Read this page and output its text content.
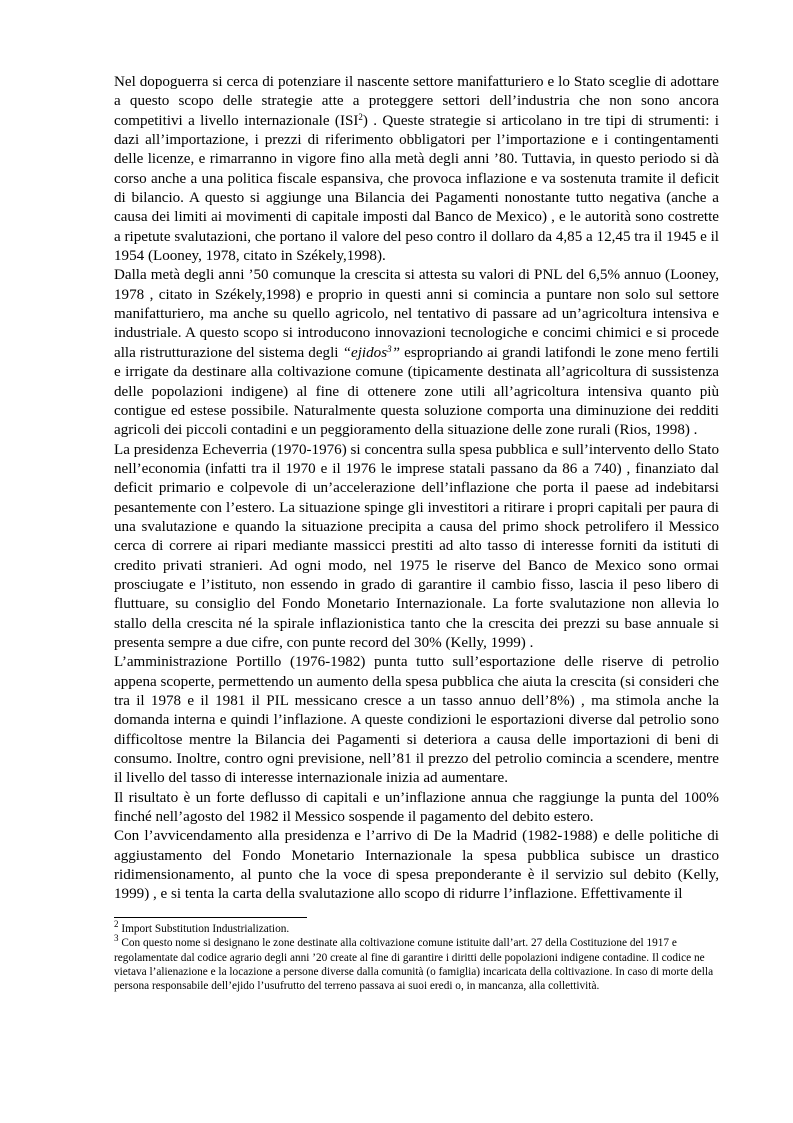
Nel dopoguerra si cerca di potenziare il nascente settore manifatturiero e lo Stato sceglie di adottare a questo scopo delle strategie atte a proteggere settori dell’industria che non sono ancora competitivi a livello internazionale (ISI$^2$) . Queste strategie si articolano in tre tipi di strumenti: i dazi all’importazione, i prezzi di riferimento obbligatori per l’importazione e i contingentamenti delle licenze, e rimarranno in vigore fino alla metà degli anni ’80. Tuttavia, in questo periodo si dà corso anche a una politica fiscale espansiva, che provoca inflazione e va sostenuta tramite il deficit di bilancio. A questo si aggiunge una Bilancia dei Pagamenti nonostante tutto negativa (anche a causa dei limiti ai movimenti di capitale imposti dal Banco de Mexico) , e le autorità sono costrette a ripetute svalutazioni, che portano il valore del peso contro il dollaro da 4,85 a 12,45 tra il 1945 e il 1954 (Looney, 1978, citato in Székely,1998).

Dalla metà degli anni ’50 comunque la crescita si attesta su valori di PNL del 6,5% annuo (Looney, 1978 , citato in Székely,1998) e proprio in questi anni si comincia a puntare non solo sul settore manifatturiero, ma anche su quello agricolo, nel tentativo di passare ad un’agricoltura intensiva e industriale. A questo scopo si introducono innovazioni tecnologiche e concimi chimici e si procede alla ristrutturazione del sistema degli “ejidos$^3$” espropriando ai grandi latifondi le zone meno fertili e irrigate da destinare alla coltivazione comune (tipicamente destinata all’agricoltura di sussistenza delle popolazioni indigene) al fine di ottenere zone utili all’agricoltura intensiva quanto più contigue ed estese possibile. Naturalmente questa soluzione comporta una diminuzione dei redditi agricoli dei piccoli contadini e un peggioramento della situazione delle zone rurali (Rios, 1998) .

La presidenza Echeverria (1970-1976) si concentra sulla spesa pubblica e sull’intervento dello Stato nell’economia (infatti tra il 1970 e il 1976 le imprese statali passano da 86 a 740) , finanziato dal deficit primario e colpevole di un’accelerazione dell’inflazione che porta il paese ad indebitarsi pesantemente con l’estero. La situazione spinge gli investitori a ritirare i propri capitali per paura di una svalutazione e quando la situazione precipita a causa del primo shock petrolifero il Messico cerca di correre ai ripari mediante massicci prestiti ad alto tasso di interesse forniti da istituti di credito privati stranieri. Ad ogni modo, nel 1975 le riserve del Banco de Mexico sono ormai prosciugate e l’istituto, non essendo in grado di garantire il cambio fisso, lascia il peso libero di fluttuare, su consiglio del Fondo Monetario Internazionale. La forte svalutazione non allevia lo stallo della crescita né la spirale inflazionistica tanto che la crescita dei prezzi su base annuale si presenta sempre a due cifre, con punte record del 30% (Kelly, 1999) .

L’amministrazione Portillo (1976-1982) punta tutto sull’esportazione delle riserve di petrolio appena scoperte, permettendo un aumento della spesa pubblica che aiuta la crescita (si consideri che tra il 1978 e il 1981 il PIL messicano cresce a un tasso annuo dell’8%) , ma stimola anche la domanda interna e quindi l’inflazione. A queste condizioni le esportazioni diverse dal petrolio sono difficoltose mentre la Bilancia dei Pagamenti si deteriora a causa delle importazioni di beni di consumo. Inoltre, contro ogni previsione, nell’81 il prezzo del petrolio comincia a scendere, mentre il livello del tasso di interesse internazionale inizia ad aumentare.

Il risultato è un forte deflusso di capitali e un’inflazione annua che raggiunge la punta del 100% finché nell’agosto del 1982 il Messico sospende il pagamento del debito estero.

Con l’avvicendamento alla presidenza e l’arrivo di De la Madrid (1982-1988) e delle politiche di aggiustamento del Fondo Monetario Internazionale la spesa pubblica subisce un drastico ridimensionamento, al punto che la voce di spesa preponderante è il servizio sul debito (Kelly, 1999) , e si tenta la carta della svalutazione allo scopo di ridurre l’inflazione. Effettivamente il

$^2$ Import Substitution Industrialization.

$^3$ Con questo nome si designano le zone destinate alla coltivazione comune istituite dall’art. 27 della Costituzione del 1917 e regolamentate dal codice agrario degli anni ’20 create al fine di garantire i diritti delle popolazioni indigene contadine. Il codice ne vietava l’alienazione e la locazione a persone diverse dalla comunità (o famiglia) incaricata della coltivazione. In caso di morte della persona responsabile dell’ejido l’usufrutto del terreno passava ai suoi eredi o, in mancanza, alla collettività.
